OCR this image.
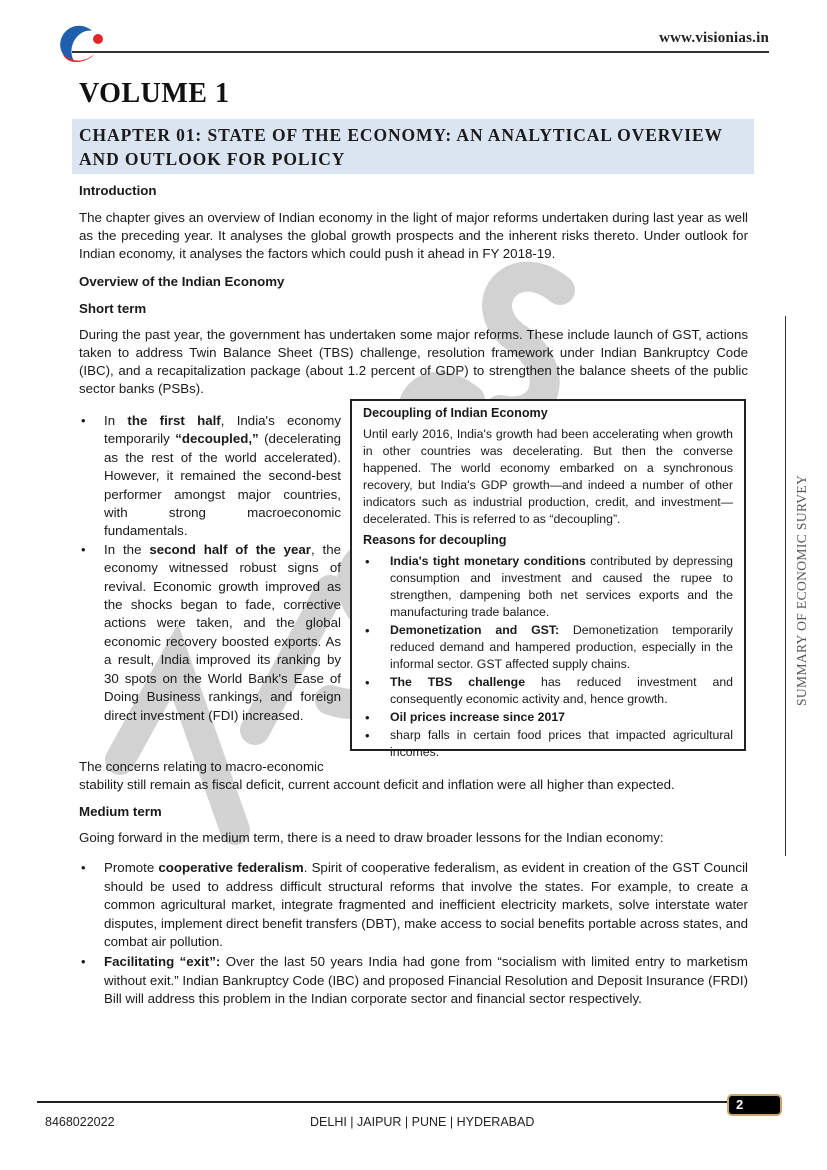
www.visionias.in
VOLUME 1
CHAPTER 01: STATE OF THE ECONOMY: AN ANALYTICAL OVERVIEW
AND OUTLOOK FOR POLICY
Introduction

The chapter gives an overview of Indian economy in the light of major reforms undertaken during last year as well as the preceding year. It analyses the global growth prospects and the inherent risks thereto. Under outlook for Indian economy, it analyses the factors which could push it ahead in FY 2018-19.

Overview of the Indian Economy
Short term

During the past year, the government has undertaken some major reforms. These include launch of GST, actions taken to address Twin Balance Sheet (TBS) challenge, resolution framework under Indian Bankruptcy Code (IBC), and a recapitalization package (about 1.2 percent of GDP) to strengthen the balance sheets of the public sector banks (PSBs).

• In the first half, India's economy temporarily “decoupled,” (decelerating as the rest of the world accelerated). However, it remained the second-best performer amongst major countries, with strong macroeconomic fundamentals.
• In the second half of the year, the economy witnessed robust signs of revival. Economic growth improved as the shocks began to fade, corrective actions were taken, and the global economic recovery boosted exports. As a result, India improved its ranking by 30 spots on the World Bank's Ease of Doing Business rankings, and foreign direct investment (FDI) increased.

Decoupling of Indian Economy

Until early 2016, India's growth had been accelerating when growth in other countries was decelerating. But then the converse happened. The world economy embarked on a synchronous recovery, but India's GDP growth—and indeed a number of other indicators such as industrial production, credit, and investment—decelerated. This is referred to as “decoupling”.

Reasons for decoupling

• India's tight monetary conditions contributed by depressing consumption and investment and caused the rupee to strengthen, dampening both net services exports and the manufacturing trade balance.
• Demonetization and GST: Demonetization temporarily reduced demand and hampered production, especially in the informal sector. GST affected supply chains.
• The TBS challenge has reduced investment and consequently economic activity and, hence growth.
• Oil prices increase since 2017
• sharp falls in certain food prices that impacted agricultural incomes.

The concerns relating to macro-economic

stability still remain as fiscal deficit, current account deficit and inflation were all higher than expected.

Medium term

Going forward in the medium term, there is a need to draw broader lessons for the Indian economy:

• Promote cooperative federalism. Spirit of cooperative federalism, as evident in creation of the GST Council should be used to address difficult structural reforms that involve the states. For example, to create a common agricultural market, integrate fragmented and inefficient electricity markets, solve interstate water disputes, implement direct benefit transfers (DBT), make access to social benefits portable across states, and combat air pollution.
• Facilitating “exit”: Over the last 50 years India had gone from “socialism with limited entry to marketism without exit.” Indian Bankruptcy Code (IBC) and proposed Financial Resolution and Deposit Insurance (FRDI) Bill will address this problem in the Indian corporate sector and financial sector respectively.
SUMMARY OF ECONOMIC SURVEY
2
8468022022	DELHI | JAIPUR | PUNE | HYDERABAD
